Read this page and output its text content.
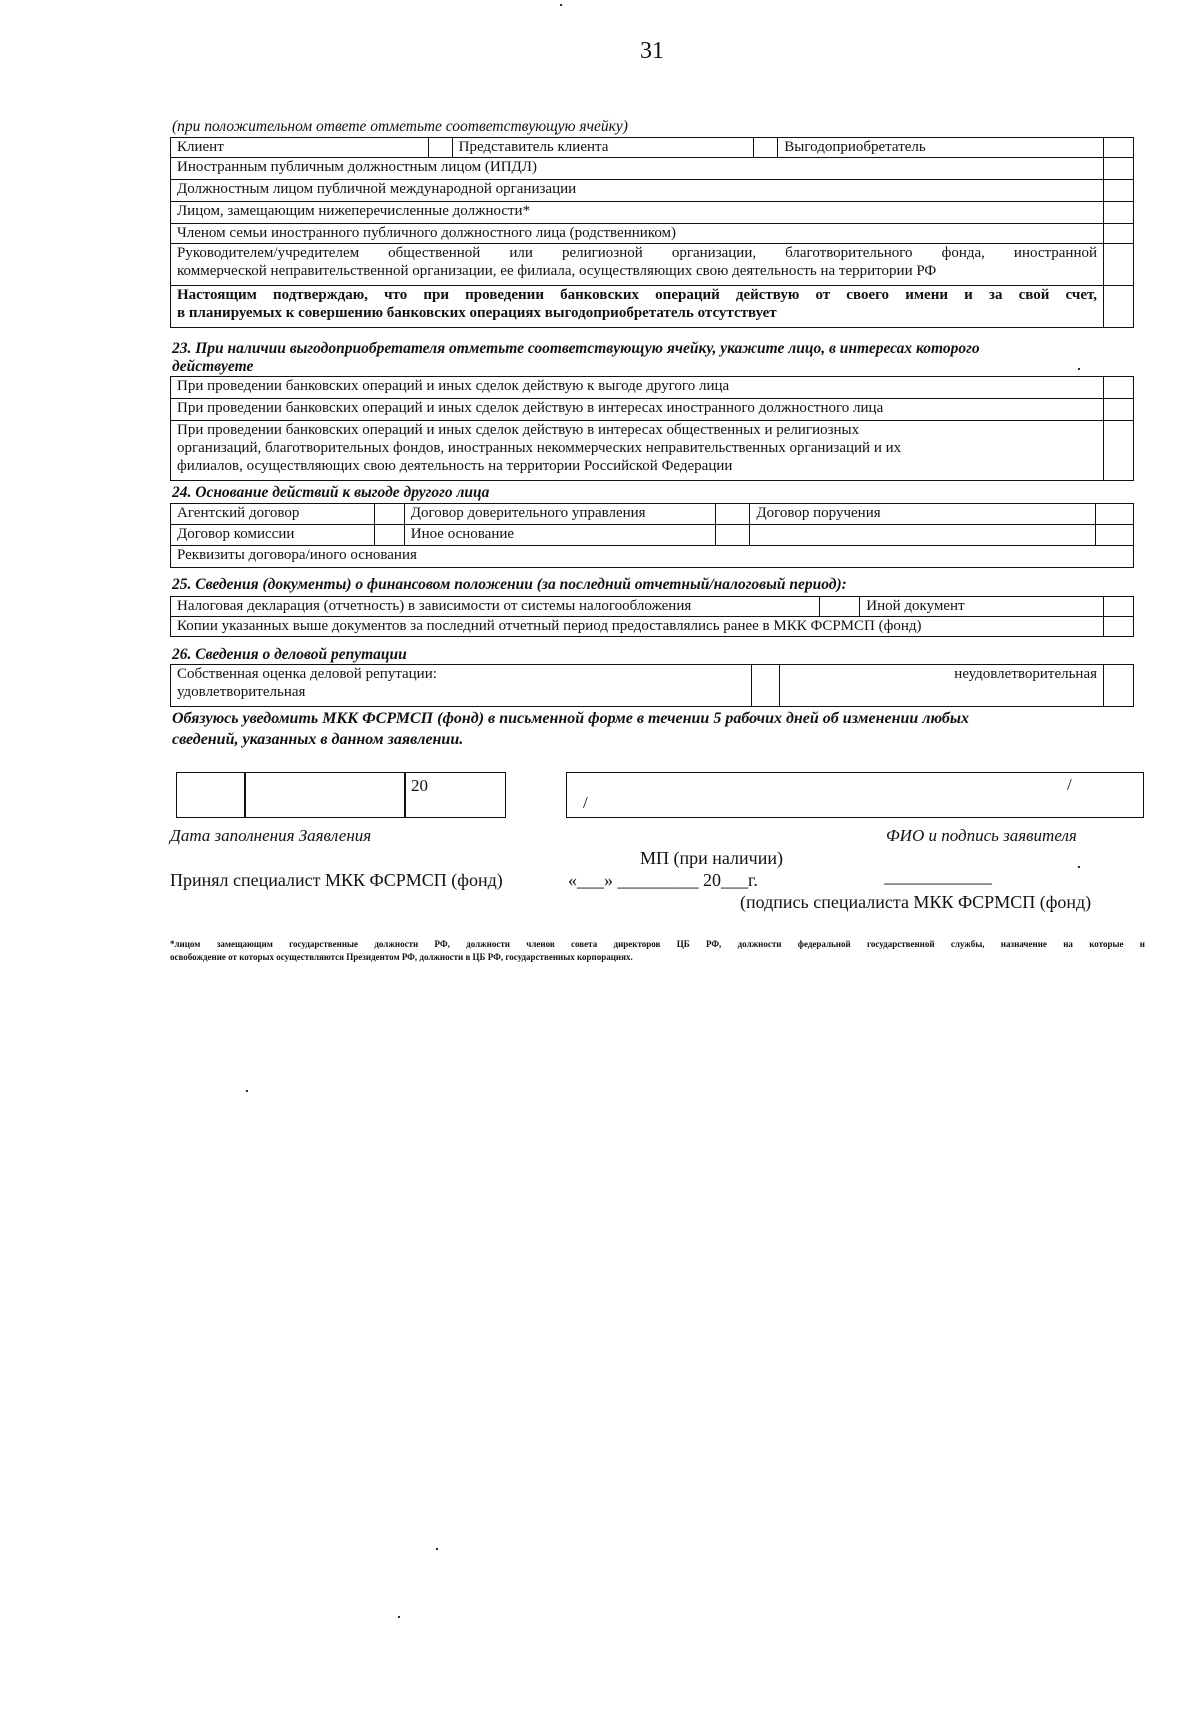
31
(при положительном ответе отметьте соответствующую ячейку)
Клиент		Представитель клиента		Выгодоприобретатель	
Иностранным публичным должностным лицом (ИПДЛ)					
Должностным лицом публичной международной организации					
Лицом, замещающим нижеперечисленные должности*					
Членом семьи иностранного публичного должностного лица (родственником)					

Руководителем/учредителем общественной или религиозной организации, благотворительного фонда, иностранной
коммерческой неправительственной организации, ее филиала, осуществляющих свою деятельность на территории РФ					

Настоящим подтверждаю, что при проведении банковских операций действую от своего имени и за свой счет,
в планируемых к совершению банковских операциях выгодоприобретатель отсутствует					

23. При наличии выгодоприобретателя отметьте соответствующую ячейку, укажите лицо, в интересах которого
действуете
При проведении банковских операций и иных сделок действую к выгоде другого лица	
При проведении банковских операций и иных сделок действую в интересах иностранного должностного лица	

При проведении банковских операций и иных сделок действую в интересах общественных и религиозных
организаций, благотворительных фондов, иностранных некоммерческих неправительственных организаций и их
филиалов, осуществляющих свою деятельность на территории Российской Федерации	

24. Основание действий к выгоде другого лица
Агентский договор		Договор доверительного управления		Договор поручения	
Договор комиссии		Иное основание			
Реквизиты договора/иного основания					
25. Сведения (документы) о финансовом положении (за последний отчетный/налоговый период):
Налоговая декларация (отчетность) в зависимости от системы налогообложения		Иной документ	
Копии указанных выше документов за последний отчетный период предоставлялись ранее в МКК ФСРМСП (фонд)			
26. Сведения о деловой репутации
Собственная оценка деловой репутации:
удовлетворительная
		неудовлетворительная	
Обязуюсь уведомить МКК ФСРМСП (фонд) в письменной форме в течении 5 рабочих дней об изменении любых
сведений, указанных в данном заявлении.
20
/
/
Дата заполнения Заявления	ФИО и подпись заявителя
МП (при наличии)
Принял специалист МКК ФСРМСП (фонд)	«___» _________ 20___г.	____________
(подпись специалиста МКК ФСРМСП (фонд)
*лицом замещающим государственные должности РФ, должности членов совета директоров ЦБ РФ, должности федеральной государственной службы, назначение на которые и
освобождение от которых осуществляются Президентом РФ, должности в ЦБ РФ, государственных корпорациях.
